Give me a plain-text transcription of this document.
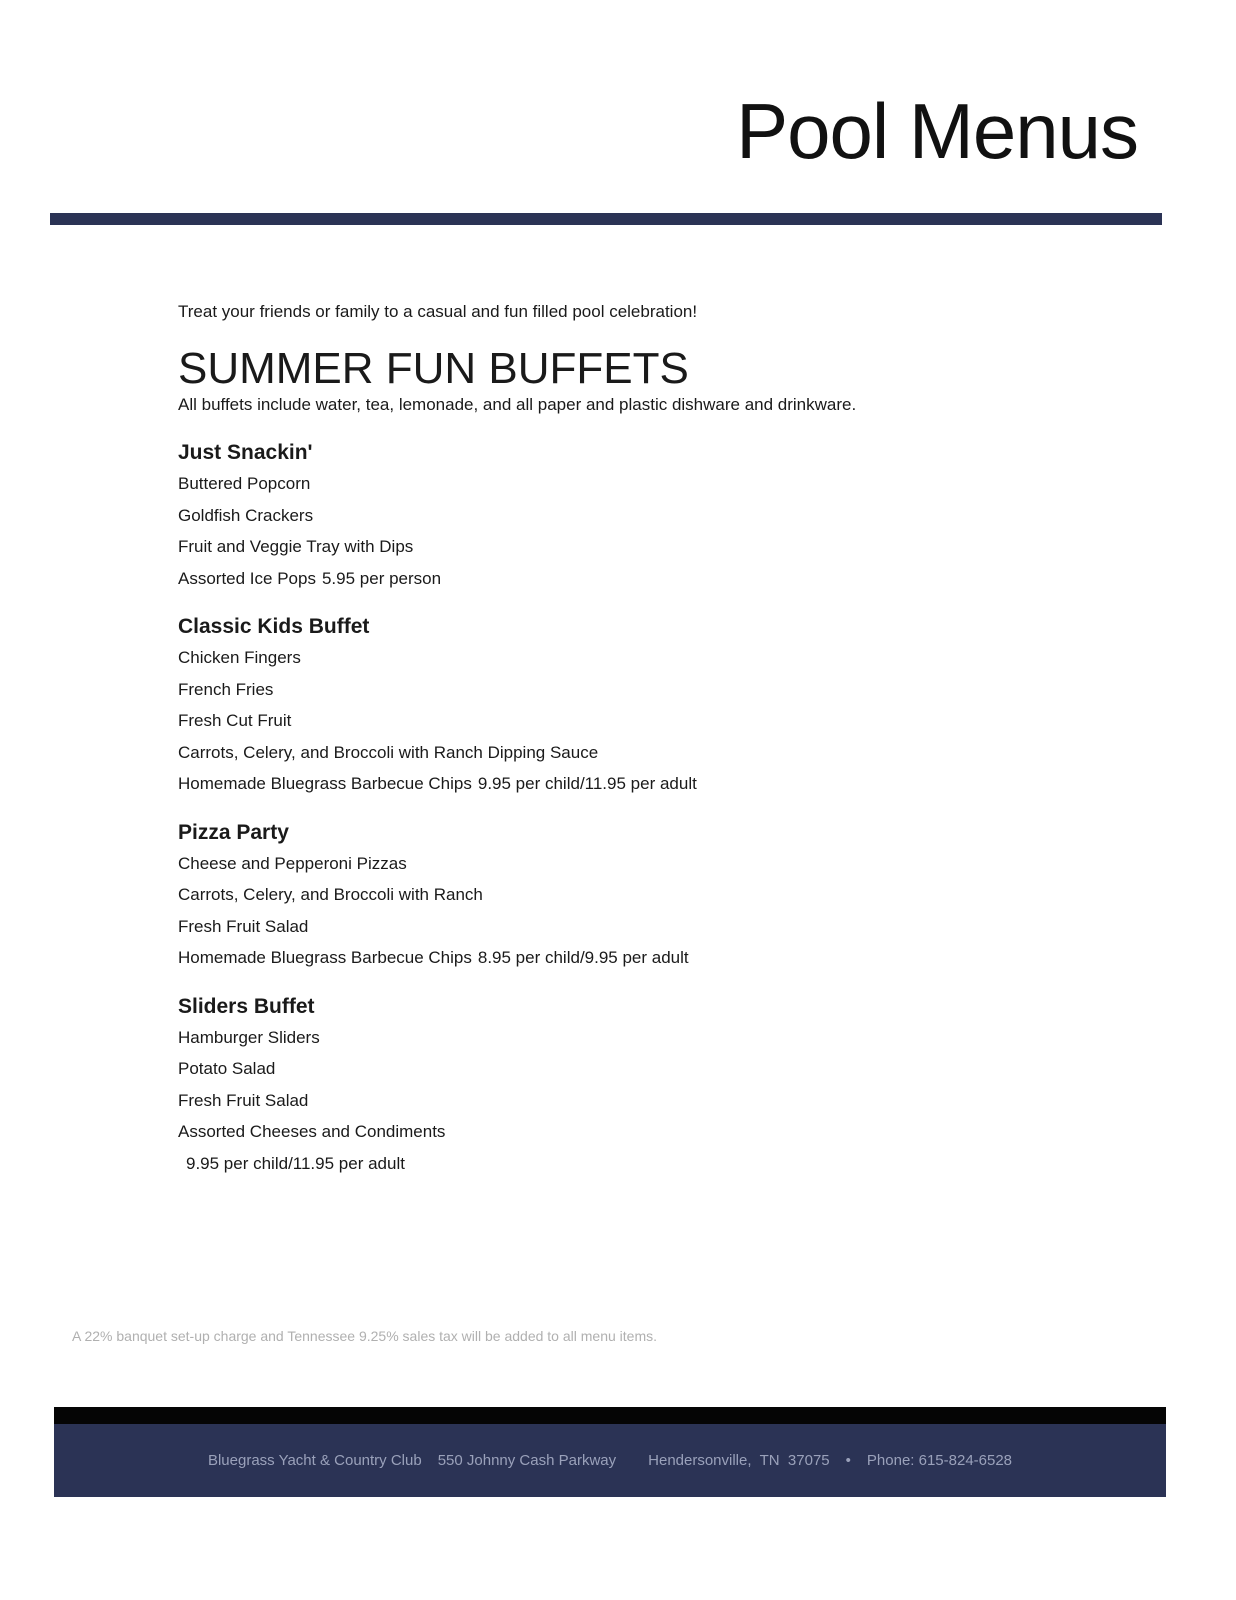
Pool Menus

Treat your friends or family to a casual and fun filled pool celebration!

SUMMER FUN BUFFETS

All buffets include water, tea, lemonade, and all paper and plastic dishware and drinkware.

Just Snackin'

Buttered Popcorn

Goldfish Crackers

Fruit and Veggie Tray with Dips

Assorted Ice Pops 5.95 per person

Classic Kids Buffet

Chicken Fingers

French Fries

Fresh Cut Fruit

Carrots, Celery, and Broccoli with Ranch Dipping Sauce

Homemade Bluegrass Barbecue Chips 9.95 per child/11.95 per adult

Pizza Party

Cheese and Pepperoni Pizzas

Carrots, Celery, and Broccoli with Ranch

Fresh Fruit Salad

Homemade Bluegrass Barbecue Chips 8.95 per child/9.95 per adult

Sliders Buffet

Hamburger Sliders

Potato Salad

Fresh Fruit Salad

Assorted Cheeses and Condiments

9.95 per child/11.95 per adult

A 22% banquet set-up charge and Tennessee 9.25% sales tax will be added to all menu items.

Bluegrass Yacht & Country Club 550 Johnny Cash Parkway Hendersonville,  TN  37075 • Phone: 615-824-6528
